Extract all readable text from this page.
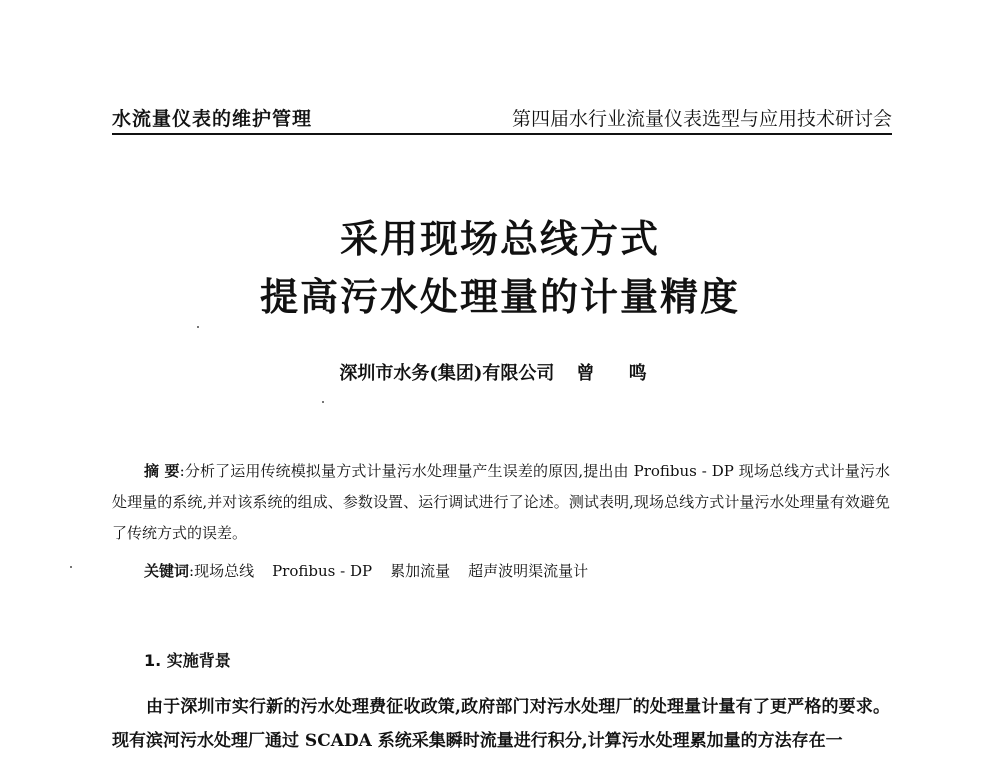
水流量仪表的维护管理	第四届水行业流量仪表选型与应用技术研讨会
采用现场总线方式
提高污水处理量的计量精度
深圳市水务(集团)有限公司 曾 鸣

摘 要:分析了运用传统模拟量方式计量污水处理量产生误差的原因,提出由 Profibus - DP 现场总线方式计量污水处理量的系统,并对该系统的组成、参数设置、运行调试进行了论述。测试表明,现场总线方式计量污水处理量有效避免了传统方式的误差。

关键词:现场总线 Profibus - DP 累加流量 超声波明渠流量计
1. 实施背景

由于深圳市实行新的污水处理费征收政策,政府部门对污水处理厂的处理量计量有了更严格的要求。现有滨河污水处理厂通过 SCADA 系统采集瞬时流量进行积分,计算污水处理累加量的方法存在一
